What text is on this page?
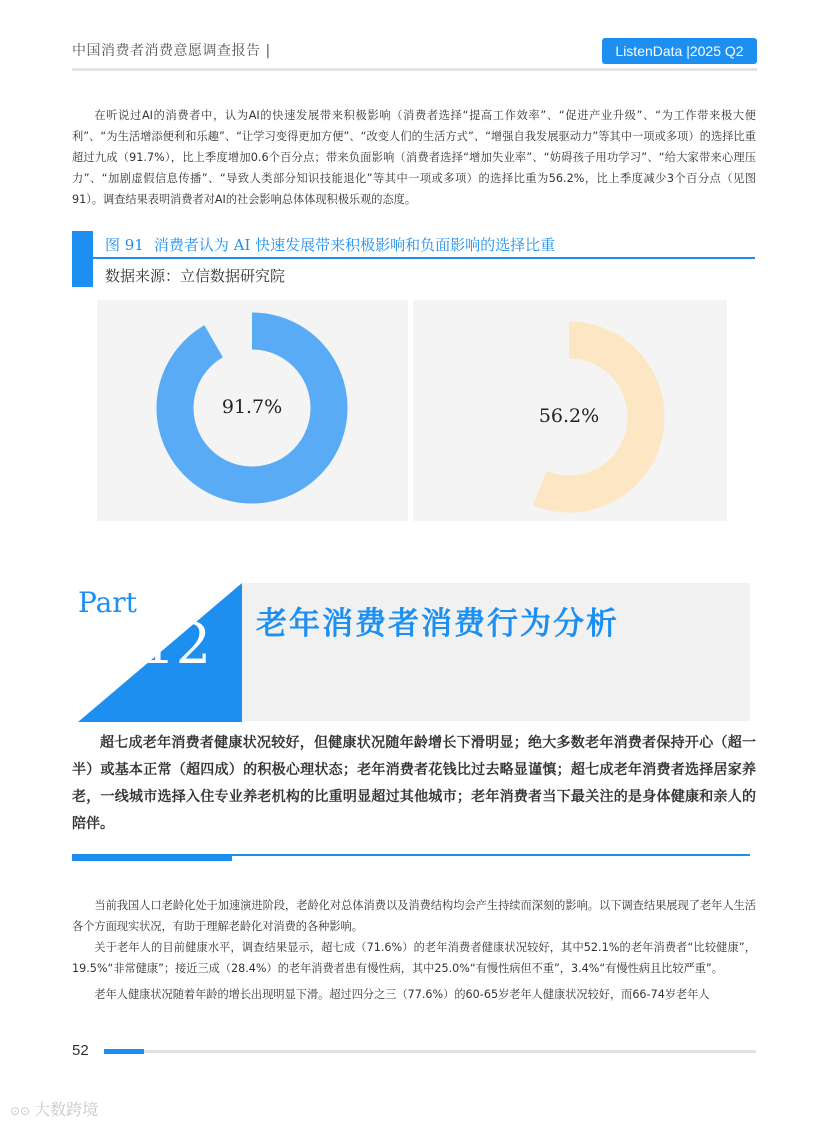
中国消费者消费意愿调查报告 |	ListenData |2025 Q2

在听说过AI的消费者中，认为AI的快速发展带来积极影响（消费者选择“提高工作效率”、“促进产业升级”、“为工作带来极大便利”、“为生活增添便利和乐趣”、“让学习变得更加方便”、“改变人们的生活方式”、“增强自我发展驱动力”等其中一项或多项）的选择比重超过九成（91.7%），比上季度增加0.6个百分点；带来负面影响（消费者选择“增加失业率”、“妨碍孩子用功学习”、“给大家带来心理压力”、“加剧虚假信息传播”、“导致人类部分知识技能退化”等其中一项或多项）的选择比重为56.2%，比上季度减少3个百分点（见图91）。调查结果表明消费者对AI的社会影响总体体现积极乐观的态度。

图 91 消费者认为 AI 快速发展带来积极影响和负面影响的选择比重
数据来源：立信数据研究院
91.7%	56.2%
Part
12 老年消费者消费行为分析

超七成老年消费者健康状况较好，但健康状况随年龄增长下滑明显；绝大多数老年消费者保持开心（超一半）或基本正常（超四成）的积极心理状态；老年消费者花钱比过去略显谨慎；超七成老年消费者选择居家养老，一线城市选择入住专业养老机构的比重明显超过其他城市；老年消费者当下最关注的是身体健康和亲人的陪伴。

当前我国人口老龄化处于加速演进阶段，老龄化对总体消费以及消费结构均会产生持续而深刻的影响。以下调查结果展现了老年人生活各个方面现实状况，有助于理解老龄化对消费的各种影响。

关于老年人的目前健康水平，调查结果显示，超七成（71.6%）的老年消费者健康状况较好，其中52.1%的老年消费者“比较健康”，19.5%“非常健康”；接近三成（28.4%）的老年消费者患有慢性病，其中25.0%“有慢性病但不重”，3.4%“有慢性病且比较严重”。

老年人健康状况随着年龄的增长出现明显下滑。超过四分之三（77.6%）的60-65岁老年人健康状况较好，而66-74岁老年人

52
⊙⊙ 大数跨境
